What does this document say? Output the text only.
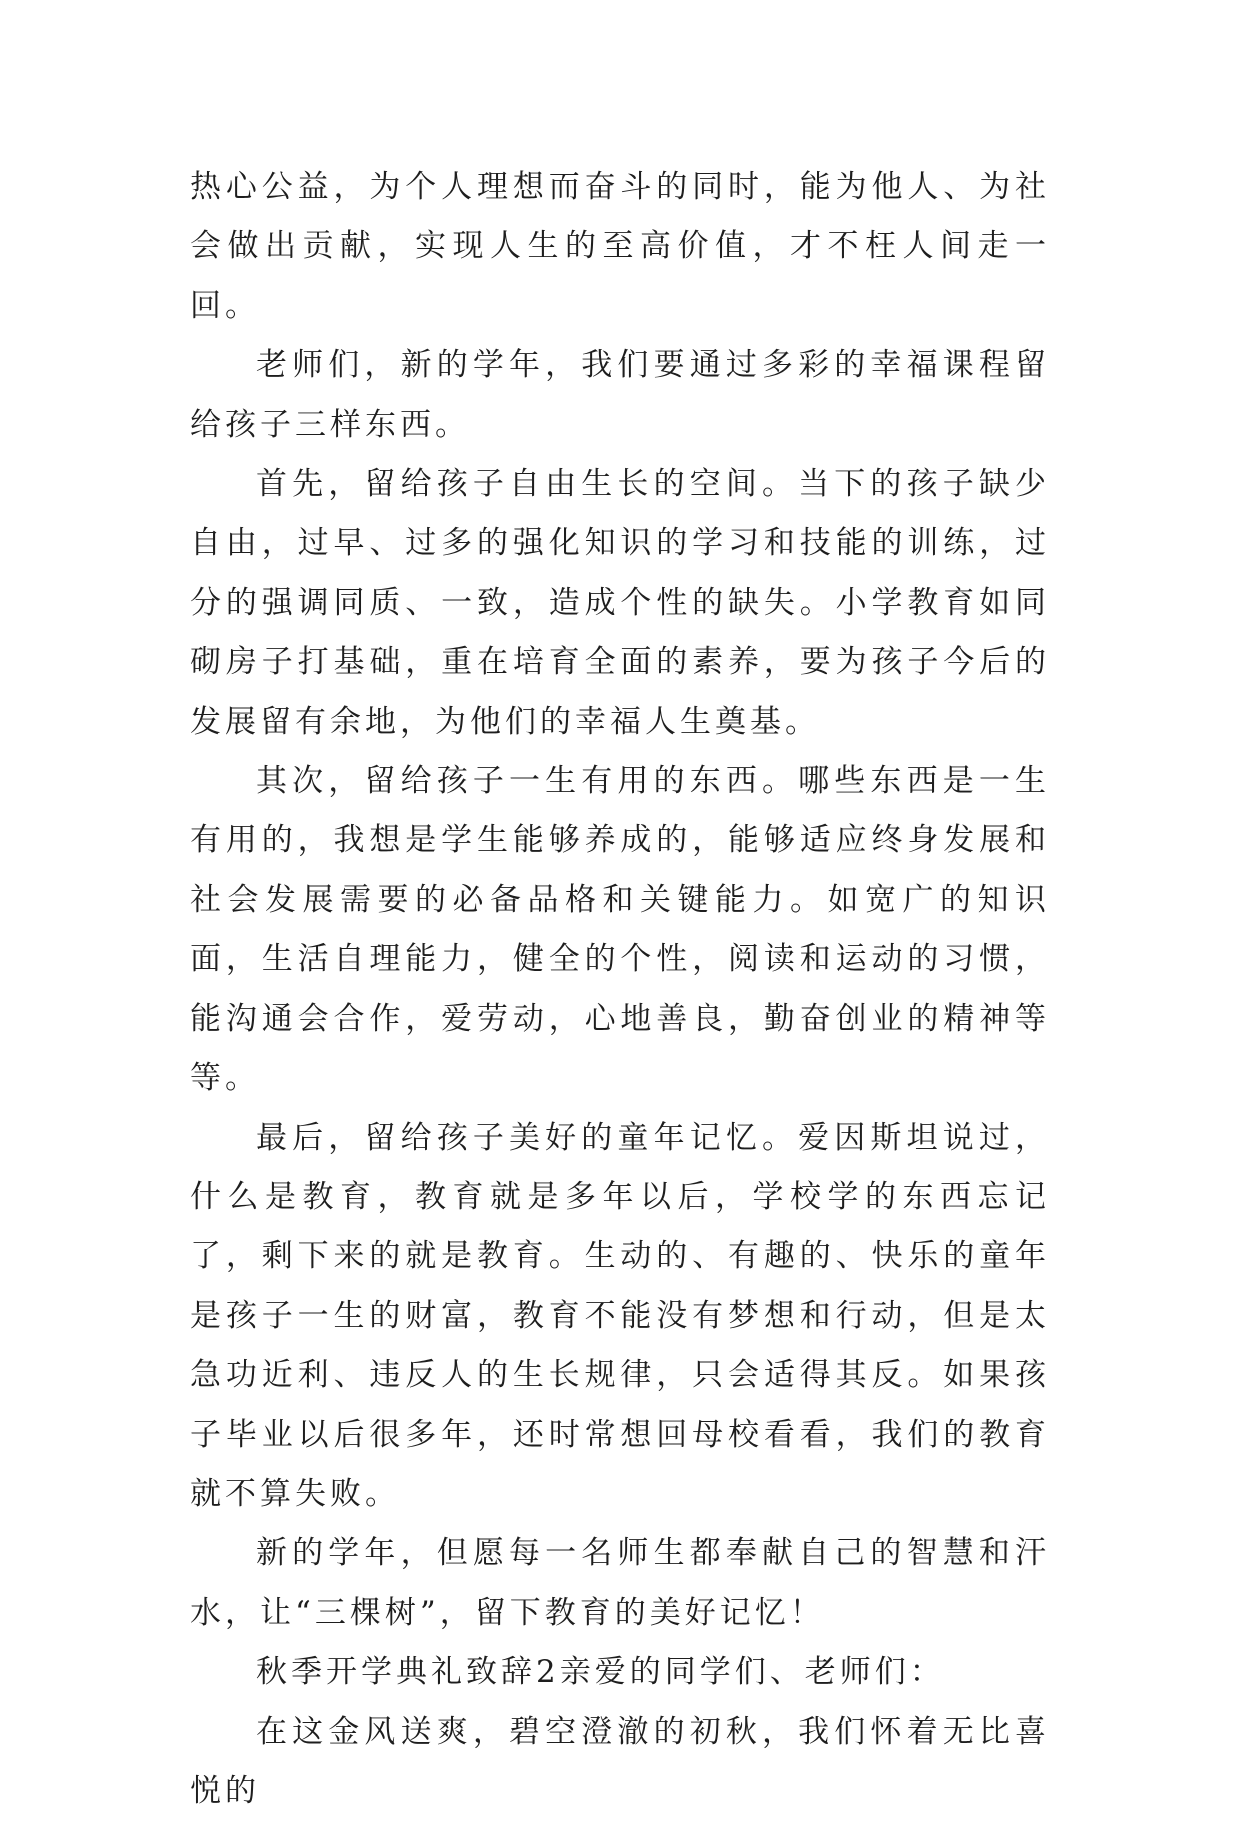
热心公益，为个人理想而奋斗的同时，能为他人、为社会做出贡献，实现人生的至高价值，才不枉人间走一回。

老师们，新的学年，我们要通过多彩的幸福课程留给孩子三样东西。

首先，留给孩子自由生长的空间。当下的孩子缺少自由，过早、过多的强化知识的学习和技能的训练，过分的强调同质、一致，造成个性的缺失。小学教育如同砌房子打基础，重在培育全面的素养，要为孩子今后的发展留有余地，为他们的幸福人生奠基。

其次，留给孩子一生有用的东西。哪些东西是一生有用的，我想是学生能够养成的，能够适应终身发展和社会发展需要的必备品格和关键能力。如宽广的知识面，生活自理能力，健全的个性，阅读和运动的习惯，能沟通会合作，爱劳动，心地善良，勤奋创业的精神等等。

最后，留给孩子美好的童年记忆。爱因斯坦说过，什么是教育，教育就是多年以后，学校学的东西忘记了，剩下来的就是教育。生动的、有趣的、快乐的童年是孩子一生的财富，教育不能没有梦想和行动，但是太急功近利、违反人的生长规律，只会适得其反。如果孩子毕业以后很多年，还时常想回母校看看，我们的教育就不算失败。

新的学年，但愿每一名师生都奉献自己的智慧和汗水，让“三棵树”，留下教育的美好记忆！

秋季开学典礼致辞2亲爱的同学们、老师们：

在这金风送爽，碧空澄澈的初秋，我们怀着无比喜悦的
